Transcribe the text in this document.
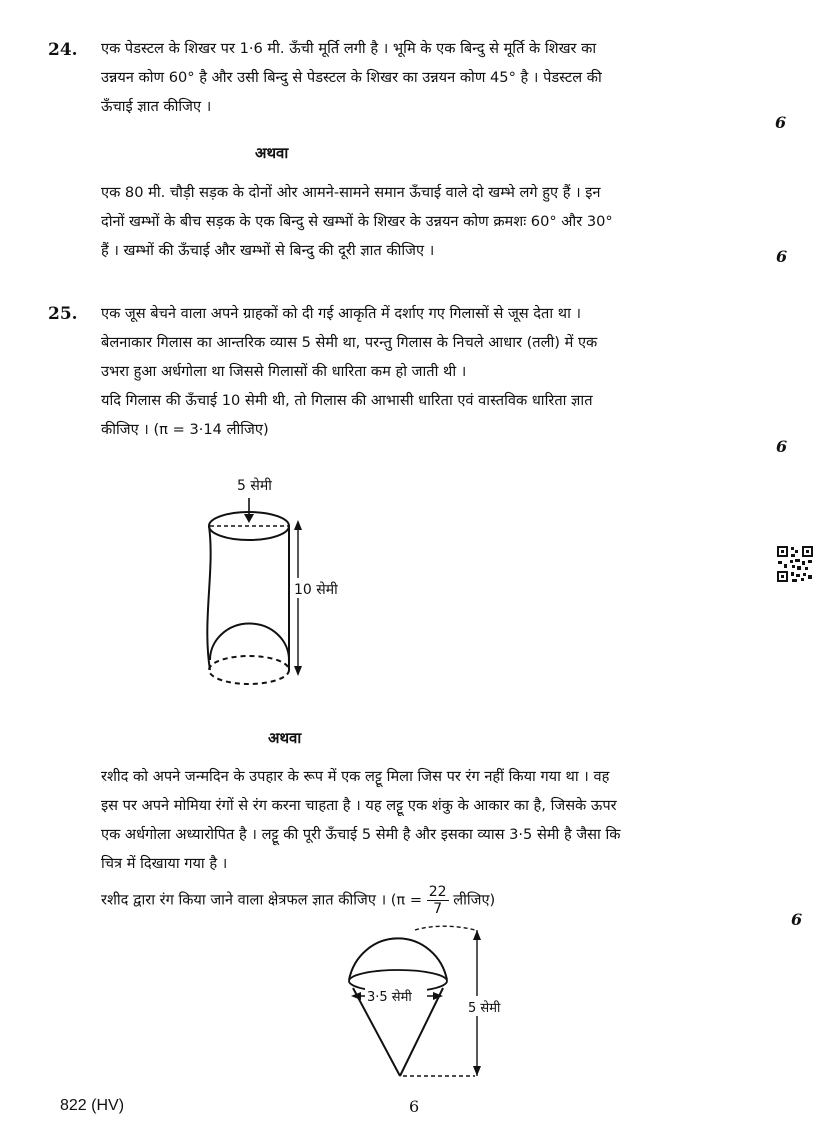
24. एक पेडस्टल के शिखर पर 1·6 मी. ऊँची मूर्ति लगी है । भूमि के एक बिन्दु से मूर्ति के शिखर का
उन्नयन कोण 60° है और उसी बिन्दु से पेडस्टल के शिखर का उन्नयन कोण 45° है । पेडस्टल की
ऊँचाई ज्ञात कीजिए ।
6
अथवा
एक 80 मी. चौड़ी सड़क के दोनों ओर आमने-सामने समान ऊँचाई वाले दो खम्भे लगे हुए हैं । इन
दोनों खम्भों के बीच सड़क के एक बिन्दु से खम्भों के शिखर के उन्नयन कोण क्रमशः 60° और 30°
हैं । खम्भों की ऊँचाई और खम्भों से बिन्दु की दूरी ज्ञात कीजिए ।	6
25. एक जूस बेचने वाला अपने ग्राहकों को दी गई आकृति में दर्शाए गए गिलासों से जूस देता था ।
बेलनाकार गिलास का आन्तरिक व्यास 5 सेमी था, परन्तु गिलास के निचले आधार (तली) में एक
उभरा हुआ अर्धगोला था जिससे गिलासों की धारिता कम हो जाती थी ।
यदि गिलास की ऊँचाई 10 सेमी थी, तो गिलास की आभासी धारिता एवं वास्तविक धारिता ज्ञात
कीजिए । (π = 3·14 लीजिए)
6
5 सेमी
10 सेमी
अथवा
रशीद को अपने जन्मदिन के उपहार के रूप में एक लट्टू मिला जिस पर रंग नहीं किया गया था । वह
इस पर अपने मोमिया रंगों से रंग करना चाहता है । यह लट्टू एक शंकु के आकार का है, जिसके ऊपर
एक अर्धगोला अध्यारोपित है । लट्टू की पूरी ऊँचाई 5 सेमी है और इसका व्यास 3·5 सेमी है जैसा कि
चित्र में दिखाया गया है ।
रशीद द्वारा रंग किया जाने वाला क्षेत्रफल ज्ञात कीजिए । ($\pi = \frac{22}{7}$ लीजिए)
6
3·5 सेमी
5 सेमी
822 (HV)	6
